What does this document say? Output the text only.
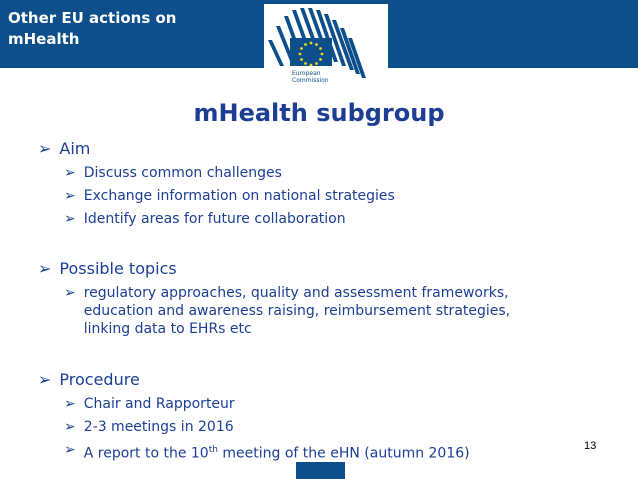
Other EU actions on mHealth
European
Commission
mHealth subgroup
➢ Aim
➢ Discuss common challenges
➢ Exchange information on national strategies
➢ Identify areas for future collaboration
➢ Possible topics
➢ regulatory approaches, quality and assessment frameworks,
education and awareness raising, reimbursement strategies,
linking data to EHRs etc
➢ Procedure
➢ Chair and Rapporteur
➢ 2-3 meetings in 2016
➢ A report to the 10th meeting of the eHN (autumn 2016)	13
